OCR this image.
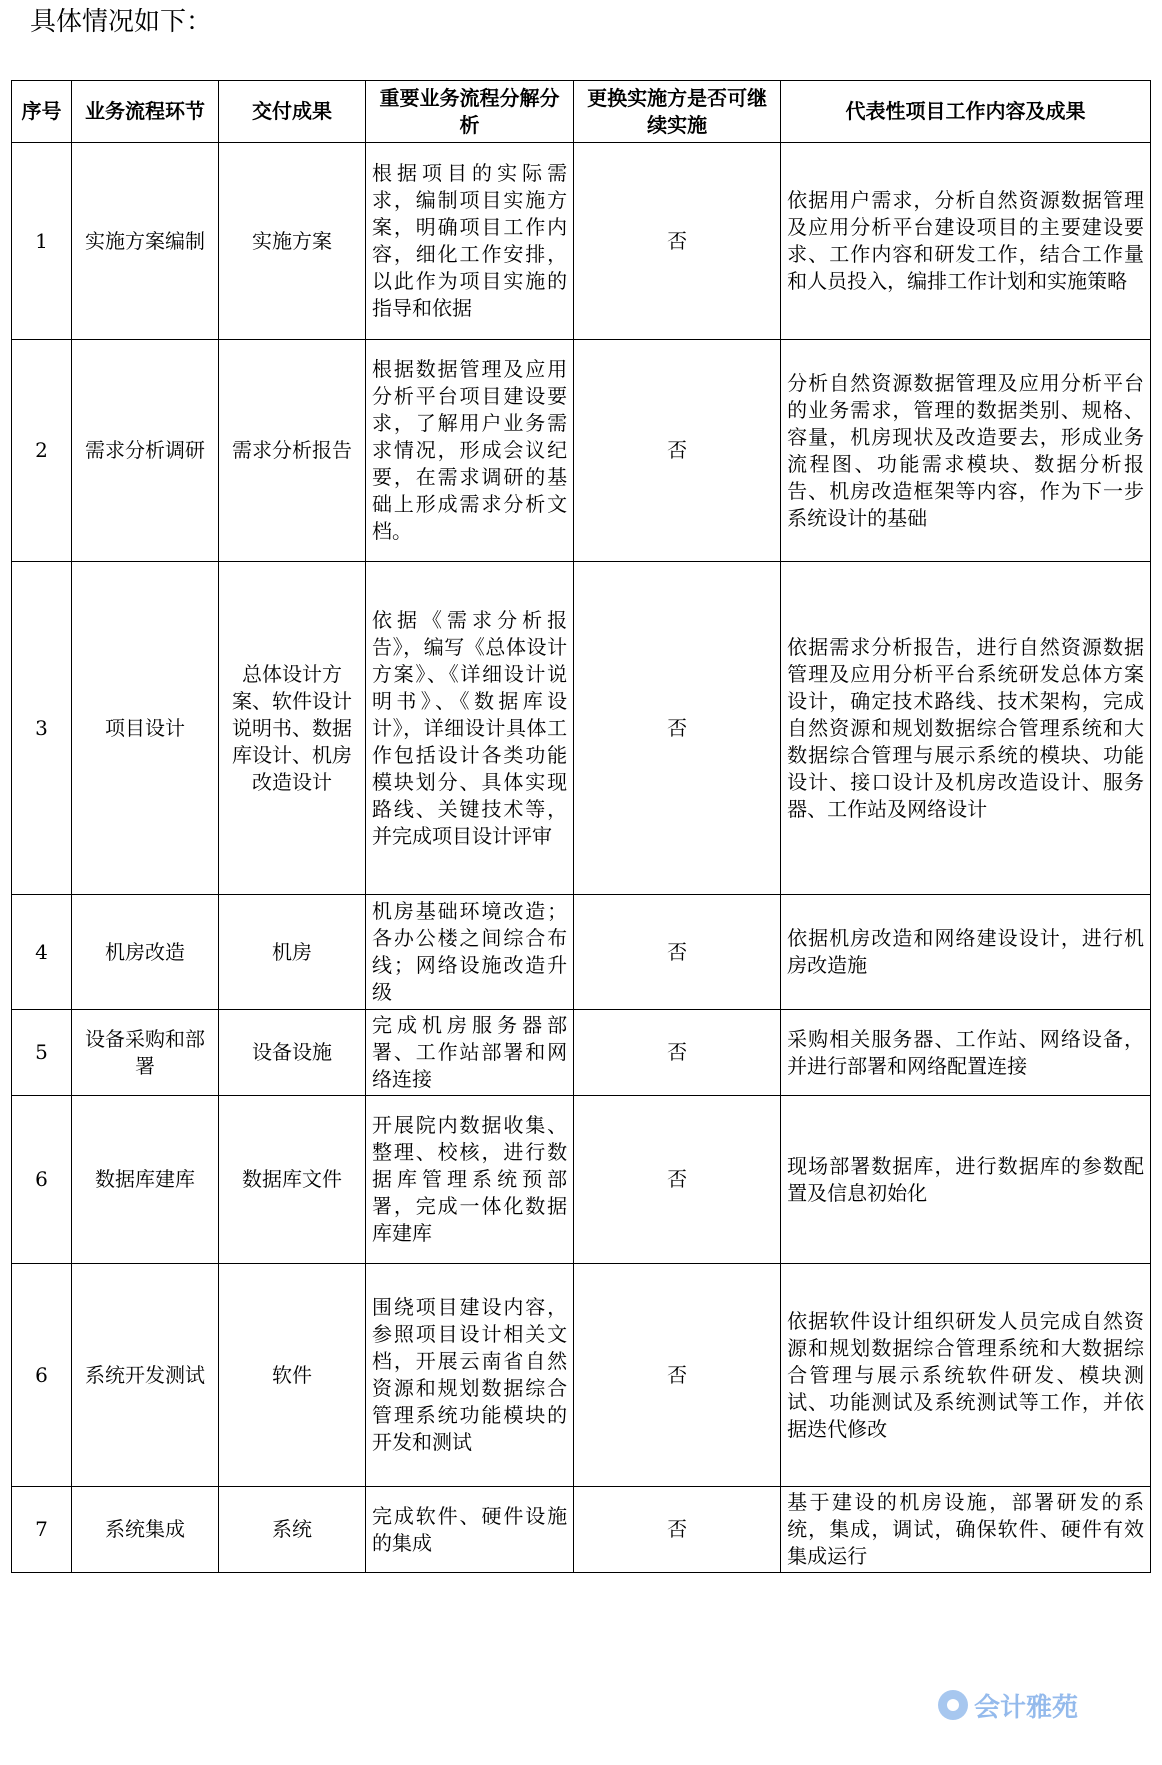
具体情况如下：

序号	业务流程环节	交付成果	重要业务流程分解分析	更换实施方是否可继续实施	代表性项目工作内容及成果
1	实施方案编制	实施方案	根据项目的实际需求，编制项目实施方案，明确项目工作内容，细化工作安排，以此作为项目实施的指导和依据	否	依据用户需求，分析自然资源数据管理及应用分析平台建设项目的主要建设要求、工作内容和研发工作，结合工作量和人员投入，编排工作计划和实施策略
2	需求分析调研	需求分析报告	根据数据管理及应用分析平台项目建设要求，了解用户业务需求情况，形成会议纪要，在需求调研的基础上形成需求分析文档。	否	分析自然资源数据管理及应用分析平台的业务需求，管理的数据类别、规格、容量，机房现状及改造要去，形成业务流程图、功能需求模块、数据分析报告、机房改造框架等内容，作为下一步系统设计的基础
3	项目设计	总体设计方案、软件设计说明书、数据库设计、机房改造设计	依据《需求分析报告》，编写《总体设计方案》、《详细设计说明书》、《数据库设计》，详细设计具体工作包括设计各类功能模块划分、具体实现路线、关键技术等，并完成项目设计评审	否	依据需求分析报告，进行自然资源数据管理及应用分析平台系统研发总体方案设计，确定技术路线、技术架构，完成自然资源和规划数据综合管理系统和大数据综合管理与展示系统的模块、功能设计、接口设计及机房改造设计、服务器、工作站及网络设计
4	机房改造	机房	机房基础环境改造；各办公楼之间综合布线；网络设施改造升级	否	依据机房改造和网络建设设计，进行机房改造施
5	设备采购和部署	设备设施	完成机房服务器部署、工作站部署和网络连接	否	采购相关服务器、工作站、网络设备，并进行部署和网络配置连接
6	数据库建库	数据库文件	开展院内数据收集、整理、校核，进行数据库管理系统预部署，完成一体化数据库建库	否	现场部署数据库，进行数据库的参数配置及信息初始化
6	系统开发测试	软件	围绕项目建设内容，参照项目设计相关文档，开展云南省自然资源和规划数据综合管理系统功能模块的开发和测试	否	依据软件设计组织研发人员完成自然资源和规划数据综合管理系统和大数据综合管理与展示系统软件研发、模块测试、功能测试及系统测试等工作，并依据迭代修改
7	系统集成	系统	完成软件、硬件设施的集成	否	基于建设的机房设施，部署研发的系统，集成，调试，确保软件、硬件有效集成运行
会计雅苑
